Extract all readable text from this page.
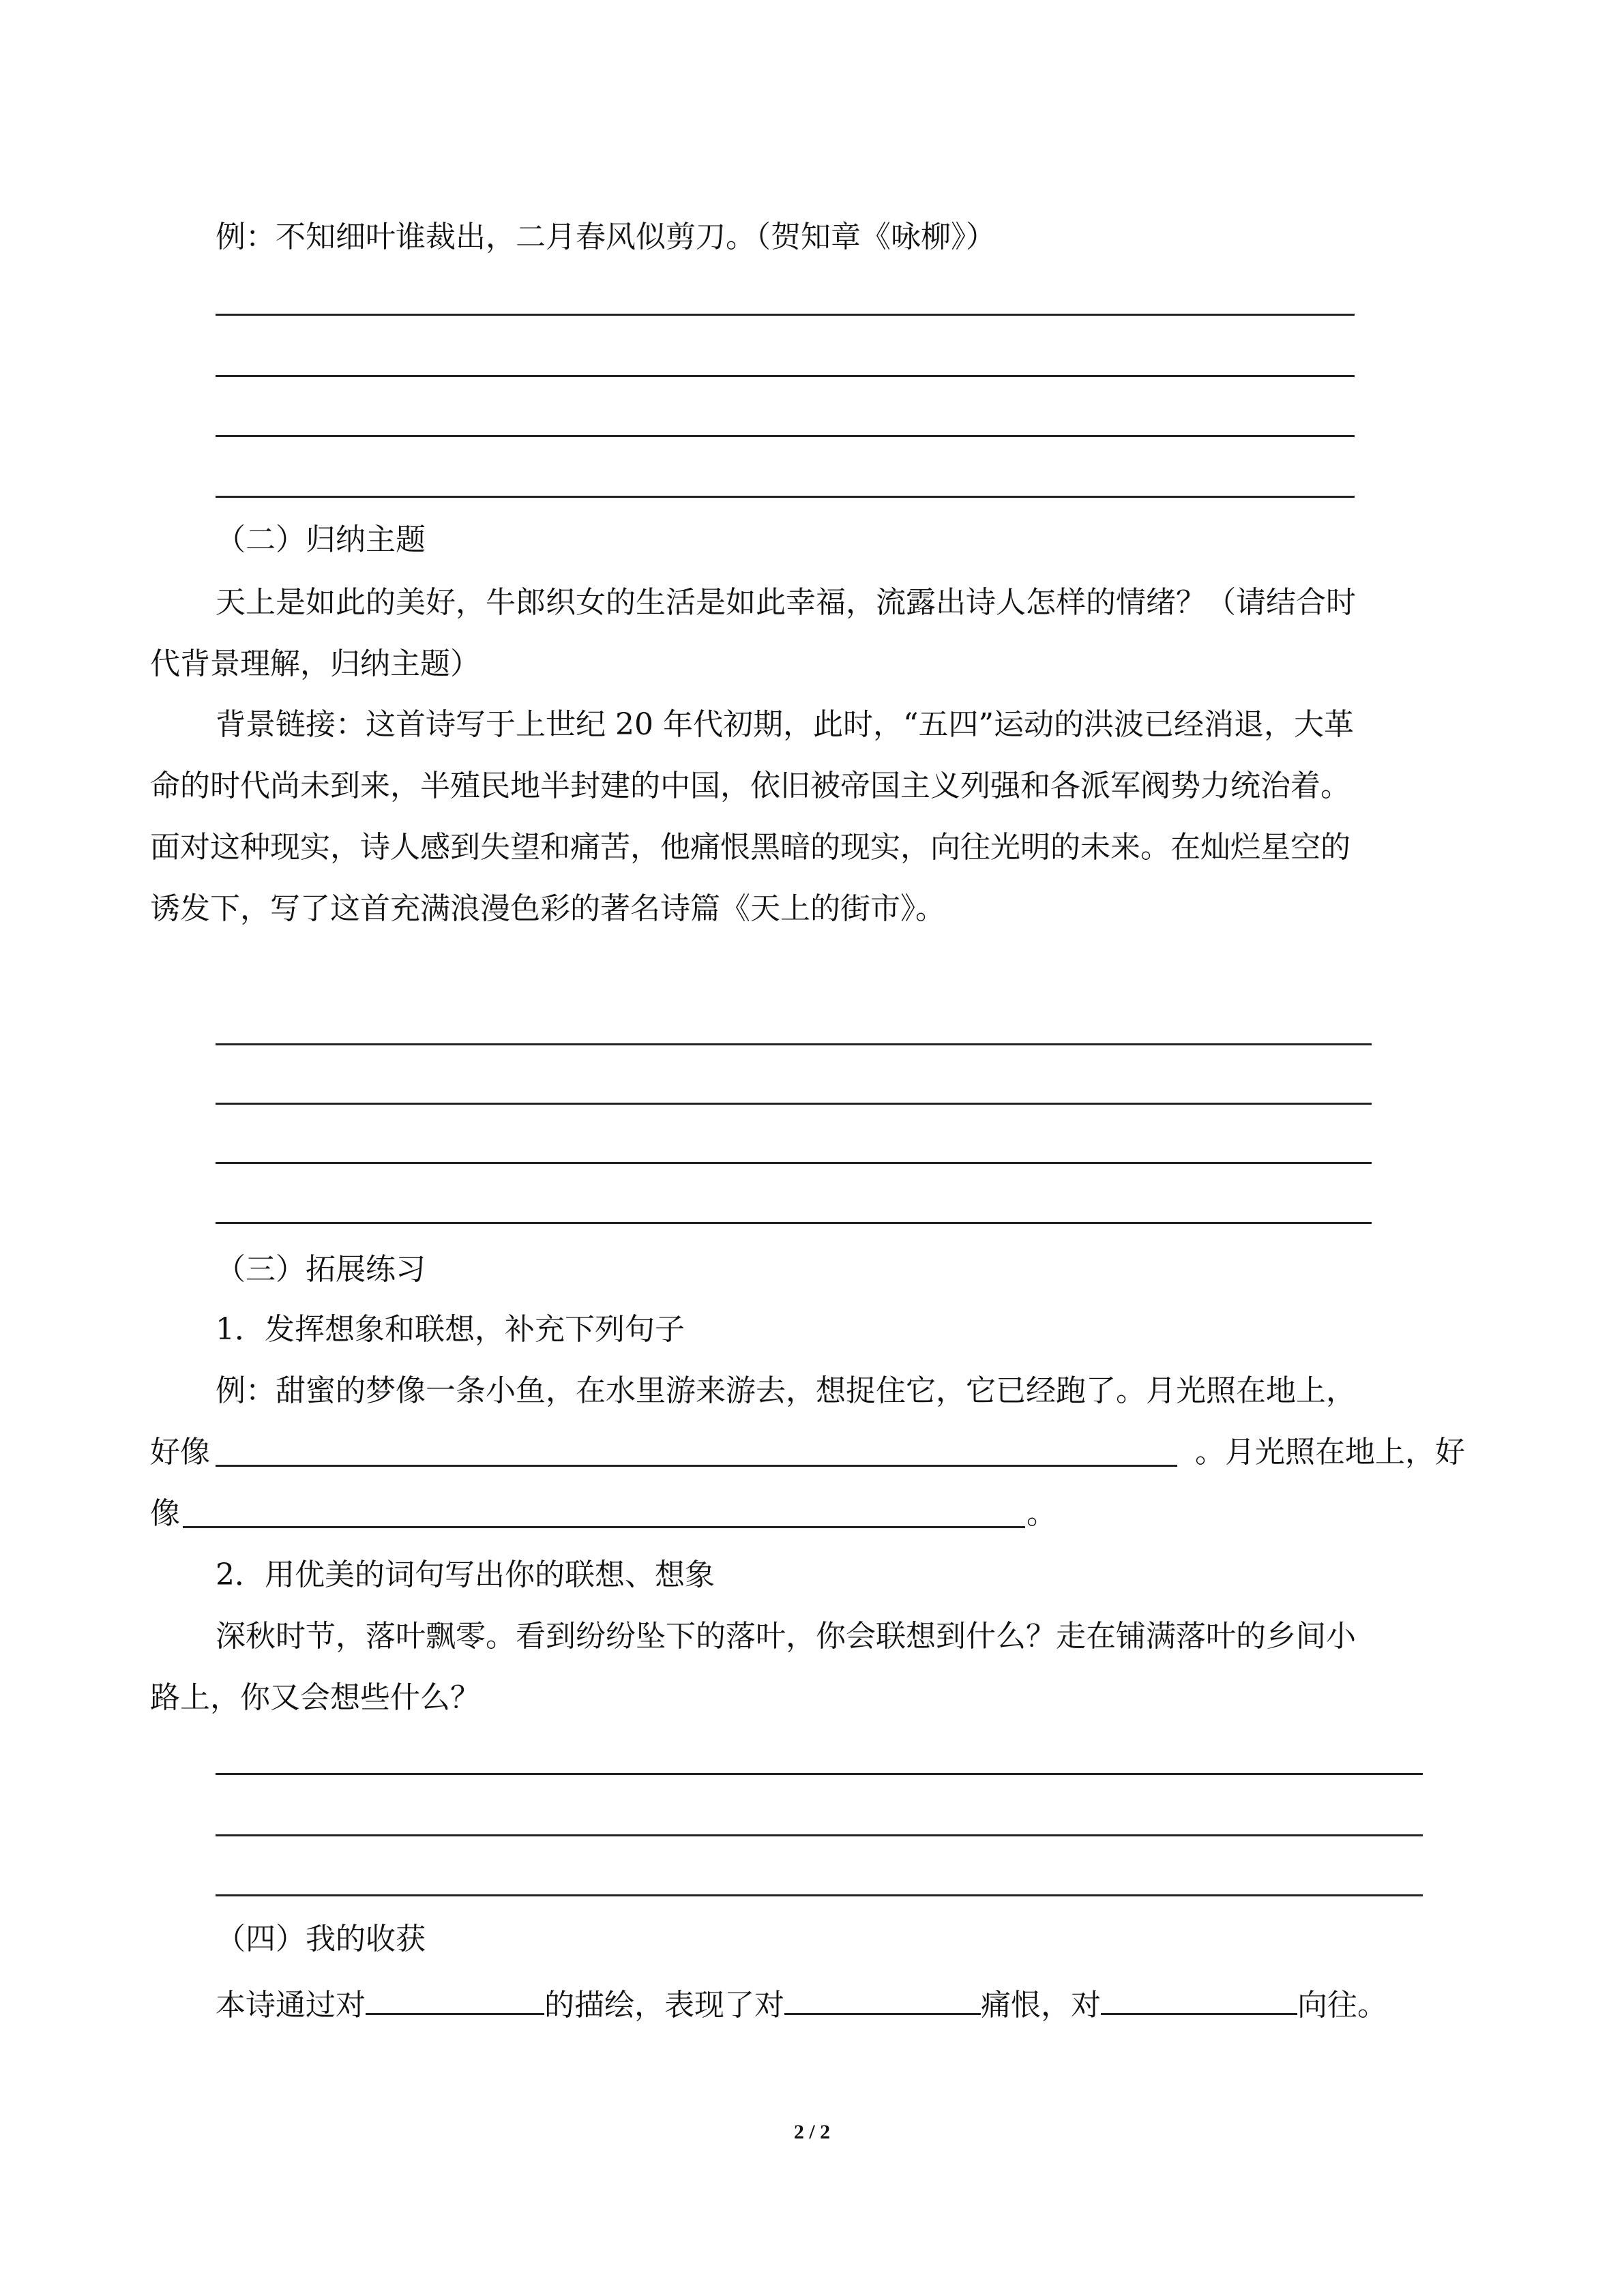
例：不知细叶谁裁出，二月春风似剪刀。（贺知章《咏柳》）
（二）归纳主题
天上是如此的美好，牛郎织女的生活是如此幸福，流露出诗人怎样的情绪？（请结合时
代背景理解，归纳主题）
背景链接：这首诗写于上世纪 20 年代初期，此时，“五四”运动的洪波已经消退，大革
命的时代尚未到来，半殖民地半封建的中国，依旧被帝国主义列强和各派军阀势力统治着。
面对这种现实，诗人感到失望和痛苦，他痛恨黑暗的现实，向往光明的未来。在灿烂星空的
诱发下，写了这首充满浪漫色彩的著名诗篇《天上的街市》。
（三）拓展练习
1．发挥想象和联想，补充下列句子
例：甜蜜的梦像一条小鱼，在水里游来游去，想捉住它，它已经跑了。月光照在地上，
好像	。月光照在地上，好
像	。
2．用优美的词句写出你的联想、想象
深秋时节，落叶飘零。看到纷纷坠下的落叶，你会联想到什么？走在铺满落叶的乡间小
路上，你又会想些什么？
（四）我的收获
本诗通过对	的描绘，表现了对	痛恨，对	向往。
2 / 2
